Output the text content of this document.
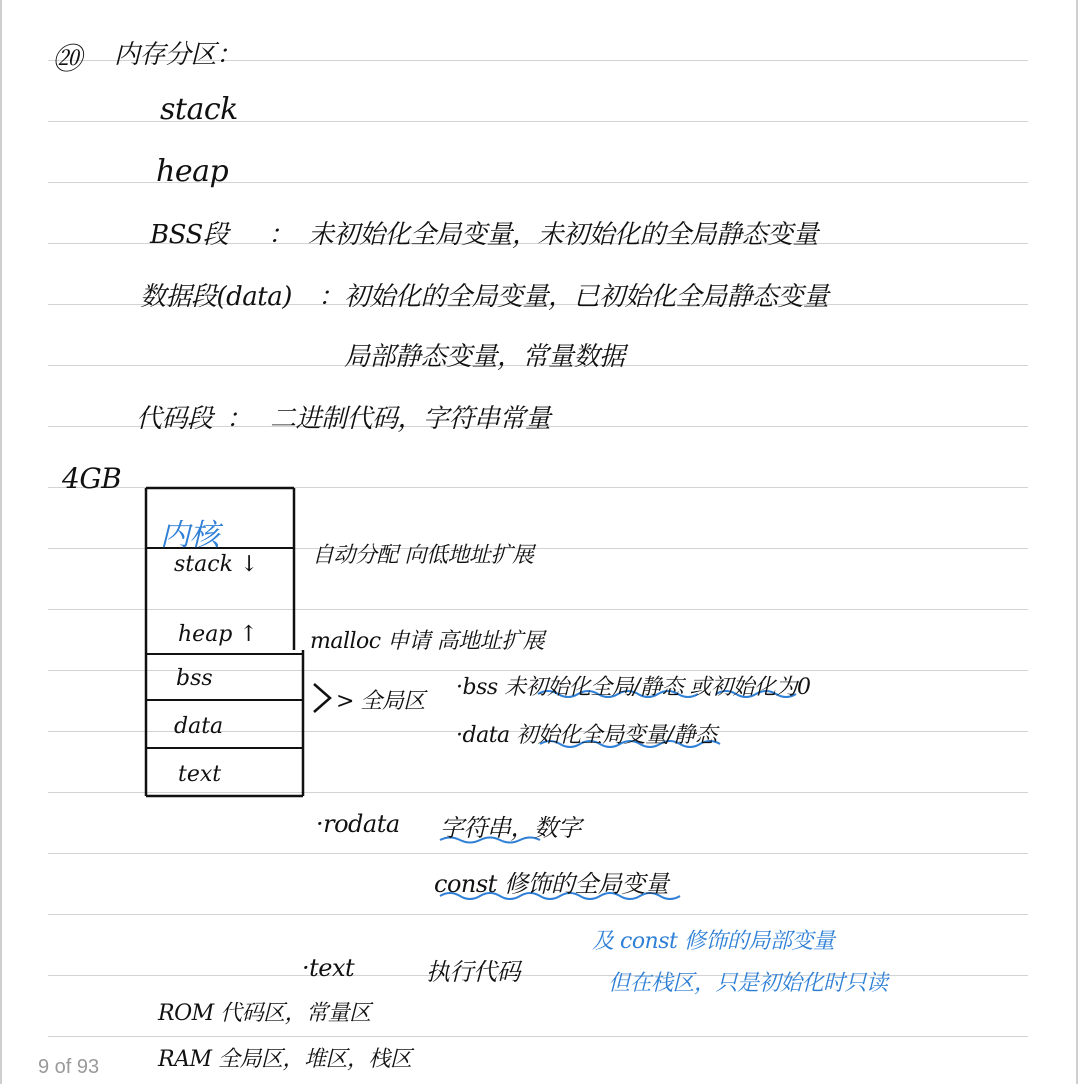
⑳ 内存分区：
stack
heap
BSS段 ： 未初始化全局变量，未初始化的全局静态变量
数据段(data) ： 初始化的全局变量，已初始化全局静态变量
局部静态变量，常量数据
代码段 ： 二进制代码，字符串常量
4GB
内核
stack ↓
heap ↑
bss
data
text
自动分配 向低地址扩展
malloc 申请 高地址扩展
> 全局区
·bss 未初始化全局/静态 或初始化为0
·data 初始化全局变量/静态
·rodata 字符串，数字
const 修饰的全局变量
·text	执行代码
及 const 修饰的局部变量
但在栈区，只是初始化时只读
ROM 代码区，常量区
RAM 全局区，堆区，栈区
9 of 93
